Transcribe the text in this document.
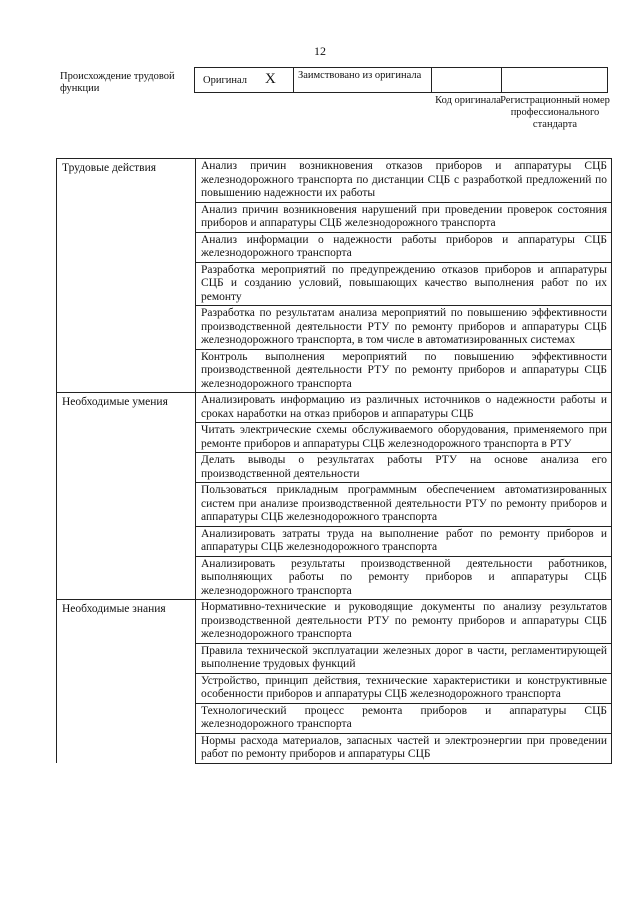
12
Происхождение трудовой функции
Оригинал X	Заимствовано из оригинала
Код оригинала Регистрационный номер профессионального стандарта
Трудовые действия	Анализ причин возникновения отказов приборов и аппаратуры СЦБ железнодорожного транспорта по дистанции СЦБ с разработкой предложений по повышению надежности их работы
	Анализ причин возникновения нарушений при проведении проверок состояния приборов и аппаратуры СЦБ железнодорожного транспорта
	Анализ информации о надежности работы приборов и аппаратуры СЦБ железнодорожного транспорта
	Разработка мероприятий по предупреждению отказов приборов и аппаратуры СЦБ и созданию условий, повышающих качество выполнения работ по их ремонту
	Разработка по результатам анализа мероприятий по повышению эффективности производственной деятельности РТУ по ремонту приборов и аппаратуры СЦБ железнодорожного транспорта, в том числе в автоматизированных системах
	Контроль выполнения мероприятий по повышению эффективности производственной деятельности РТУ по ремонту приборов и аппаратуры СЦБ железнодорожного транспорта
Необходимые умения	Анализировать информацию из различных источников о надежности работы и сроках наработки на отказ приборов и аппаратуры СЦБ
	Читать электрические схемы обслуживаемого оборудования, применяемого при ремонте приборов и аппаратуры СЦБ железнодорожного транспорта в РТУ
	Делать выводы о результатах работы РТУ на основе анализа его производственной деятельности
	Пользоваться прикладным программным обеспечением автоматизированных систем при анализе производственной деятельности РТУ по ремонту приборов и аппаратуры СЦБ железнодорожного транспорта
	Анализировать затраты труда на выполнение работ по ремонту приборов и аппаратуры СЦБ железнодорожного транспорта
	Анализировать результаты производственной деятельности работников, выполняющих работы по ремонту приборов и аппаратуры СЦБ железнодорожного транспорта
Необходимые знания	Нормативно-технические и руководящие документы по анализу результатов производственной деятельности РТУ по ремонту приборов и аппаратуры СЦБ железнодорожного транспорта
	Правила технической эксплуатации железных дорог в части, регламентирующей выполнение трудовых функций
	Устройство, принцип действия, технические характеристики и конструктивные особенности приборов и аппаратуры СЦБ железнодорожного транспорта
	Технологический процесс ремонта приборов и аппаратуры СЦБ железнодорожного транспорта
	Нормы расхода материалов, запасных частей и электроэнергии при проведении работ по ремонту приборов и аппаратуры СЦБ
